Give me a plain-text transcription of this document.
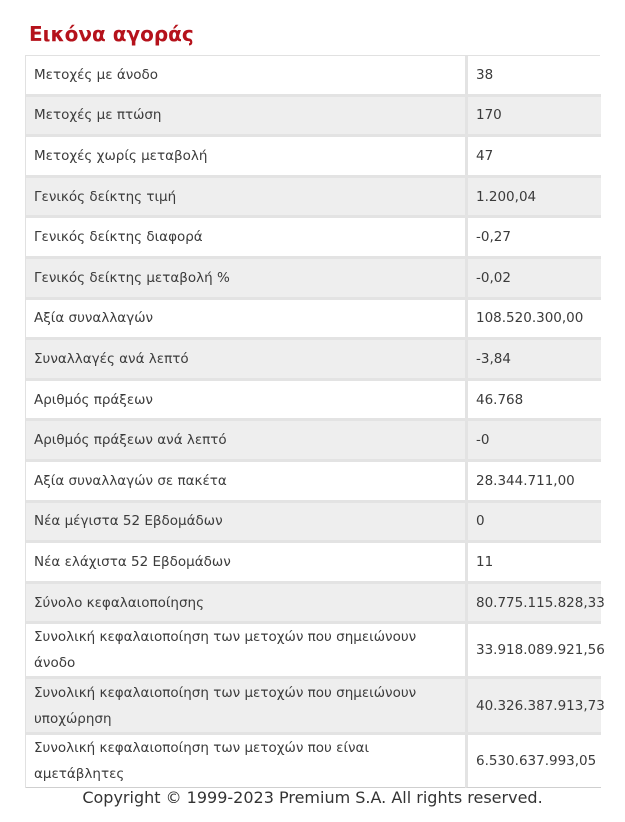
Εικόνα αγοράς
Μετοχές με άνοδο	38
Μετοχές με πτώση	170
Μετοχές χωρίς μεταβολή	47
Γενικός δείκτης τιμή	1.200,04
Γενικός δείκτης διαφορά	-0,27
Γενικός δείκτης μεταβολή %	-0,02
Αξία συναλλαγών	108.520.300,00
Συναλλαγές ανά λεπτό	-3,84
Αριθμός πράξεων	46.768
Αριθμός πράξεων ανά λεπτό	-0
Αξία συναλλαγών σε πακέτα	28.344.711,00
Νέα μέγιστα 52 Εβδομάδων	0
Νέα ελάχιστα 52 Εβδομάδων	11
Σύνολο κεφαλαιοποίησης	80.775.115.828,33
Συνολική κεφαλαιοποίηση των μετοχών που σημειώνουν άνοδο	33.918.089.921,56
Συνολική κεφαλαιοποίηση των μετοχών που σημειώνουν υποχώρηση	40.326.387.913,73
Συνολική κεφαλαιοποίηση των μετοχών που είναι αμετάβλητες	6.530.637.993,05
Copyright © 1999-2023 Premium S.A. All rights reserved.
